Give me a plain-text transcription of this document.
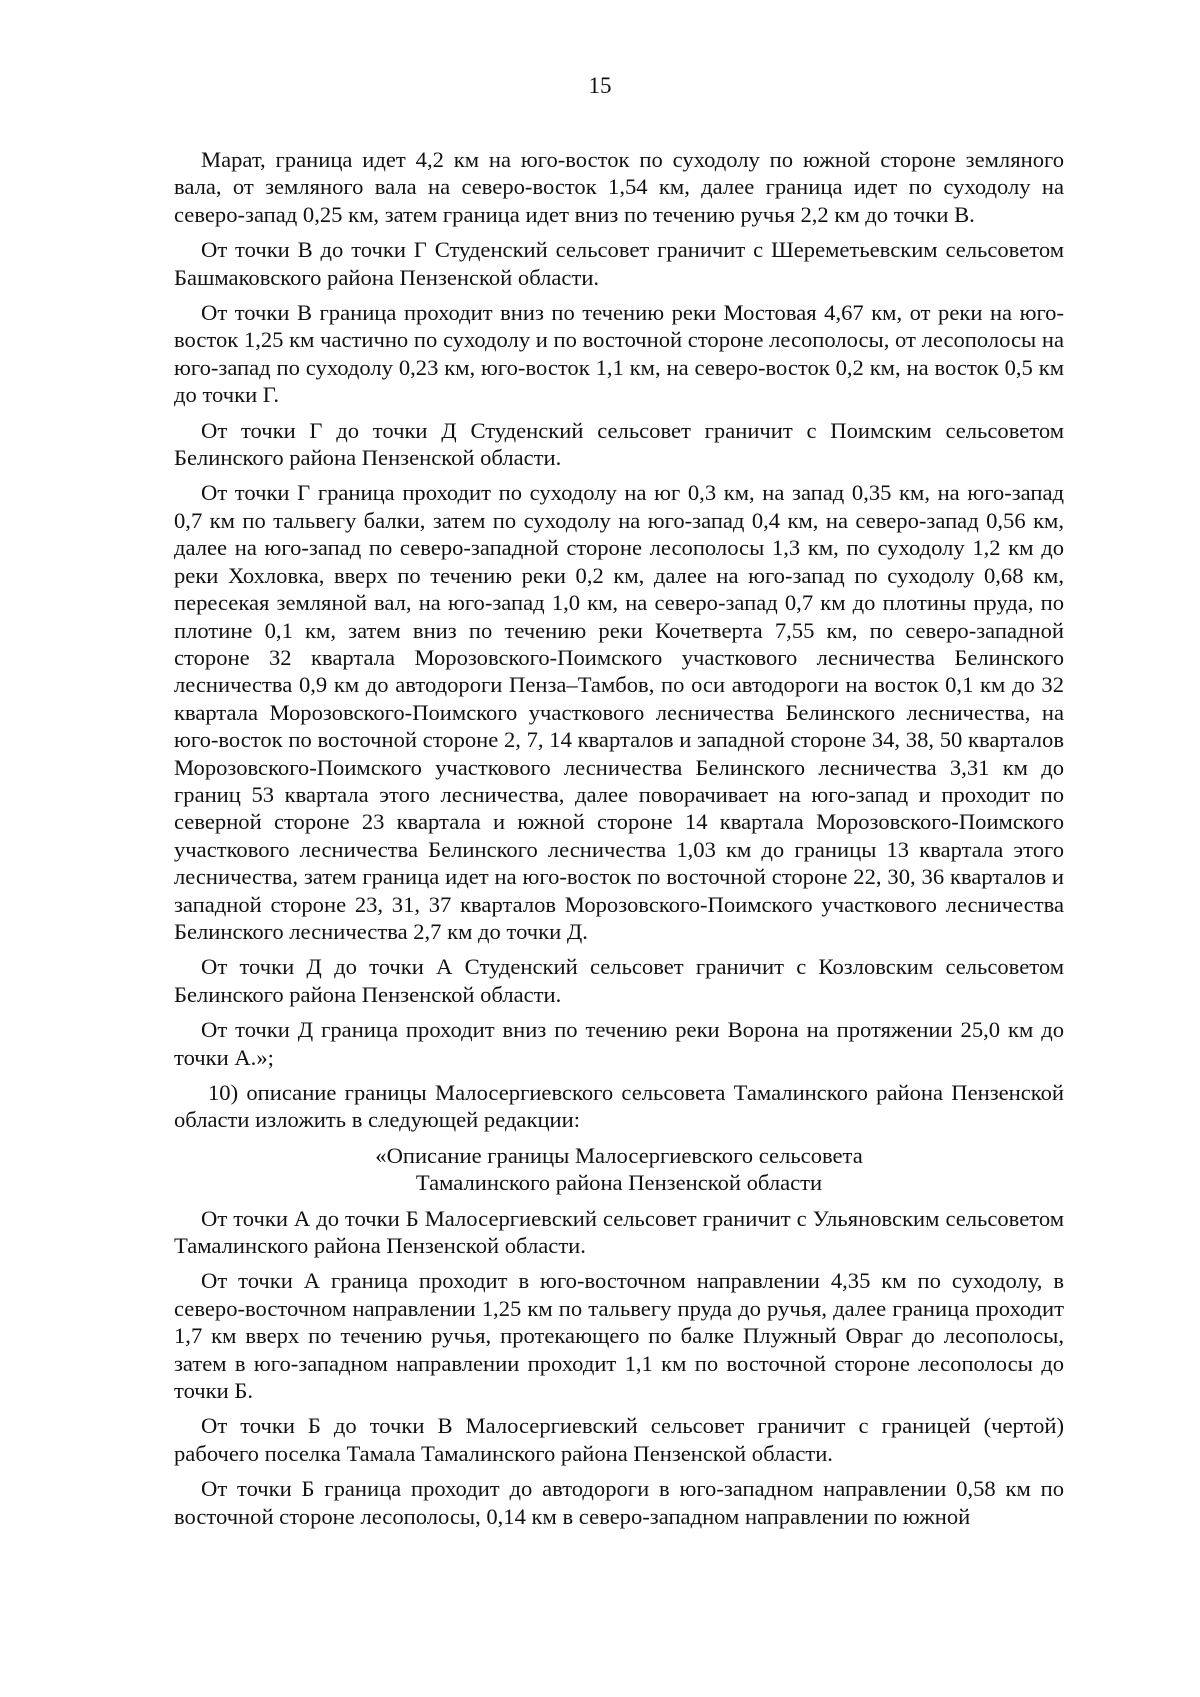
15

Марат, граница идет 4,2 км на юго-восток по суходолу по южной стороне земляного вала, от земляного вала на северо-восток 1,54 км, далее граница идет по суходолу на северо-запад 0,25 км, затем граница идет вниз по течению ручья 2,2 км до точки В.

От точки В до точки Г Студенский сельсовет граничит с Шереметьевским сельсоветом Башмаковского района Пензенской области.

От точки В граница проходит вниз по течению реки Мостовая 4,67 км, от реки на юго-восток 1,25 км частично по суходолу и по восточной стороне лесополосы, от лесополосы на юго-запад по суходолу 0,23 км, юго-восток 1,1 км, на северо-восток 0,2 км, на восток 0,5 км до точки Г.

От точки Г до точки Д Студенский сельсовет граничит с Поимским сельсоветом Белинского района Пензенской области.

От точки Г граница проходит по суходолу на юг 0,3 км, на запад 0,35 км, на юго-запад 0,7 км по тальвегу балки, затем по суходолу на юго-запад 0,4 км, на северо-запад 0,56 км, далее на юго-запад по северо-западной стороне лесополосы 1,3 км, по суходолу 1,2 км до реки Хохловка, вверх по течению реки 0,2 км, далее на юго-запад по суходолу 0,68 км, пересекая земляной вал, на юго-запад 1,0 км, на северо-запад 0,7 км до плотины пруда, по плотине 0,1 км, затем вниз по течению реки Кочетверта 7,55 км, по северо-западной стороне 32 квартала Морозовского-Поимского участкового лесничества Белинского лесничества 0,9 км до автодороги Пенза–Тамбов, по оси автодороги на восток 0,1 км до 32 квартала Морозовского-Поимского участкового лесничества Белинского лесничества, на юго-восток по восточной стороне 2, 7, 14 кварталов и западной стороне 34, 38, 50 кварталов Морозовского-Поимского участкового лесничества Белинского лесничества 3,31 км до границ 53 квартала этого лесничества, далее поворачивает на юго-запад и проходит по северной стороне 23 квартала и южной стороне 14 квартала Морозовского-Поимского участкового лесничества Белинского лесничества 1,03 км до границы 13 квартала этого лесничества, затем граница идет на юго-восток по восточной стороне 22, 30, 36 кварталов и западной стороне 23, 31, 37 кварталов Морозовского-Поимского участкового лесничества Белинского лесничества 2,7 км до точки Д.

От точки Д до точки А Студенский сельсовет граничит с Козловским сельсоветом Белинского района Пензенской области.

От точки Д граница проходит вниз по течению реки Ворона на протяжении 25,0 км до точки А.»;

10) описание границы Малосергиевского сельсовета Тамалинского района Пензенской области изложить в следующей редакции:

«Описание границы Малосергиевского сельсовета
Тамалинского района Пензенской области

От точки А до точки Б Малосергиевский сельсовет граничит с Ульяновским сельсоветом Тамалинского района Пензенской области.

От точки А граница проходит в юго-восточном направлении 4,35 км по суходолу, в северо-восточном направлении 1,25 км по тальвегу пруда до ручья, далее граница проходит 1,7 км вверх по течению ручья, протекающего по балке Плужный Овраг до лесополосы, затем в юго-западном направлении проходит 1,1 км по восточной стороне лесополосы до точки Б.

От точки Б до точки В Малосергиевский сельсовет граничит с границей (чертой) рабочего поселка Тамала Тамалинского района Пензенской области.

От точки Б граница проходит до автодороги в юго-западном направлении 0,58 км по восточной стороне лесополосы, 0,14 км в северо-западном направлении по южной
